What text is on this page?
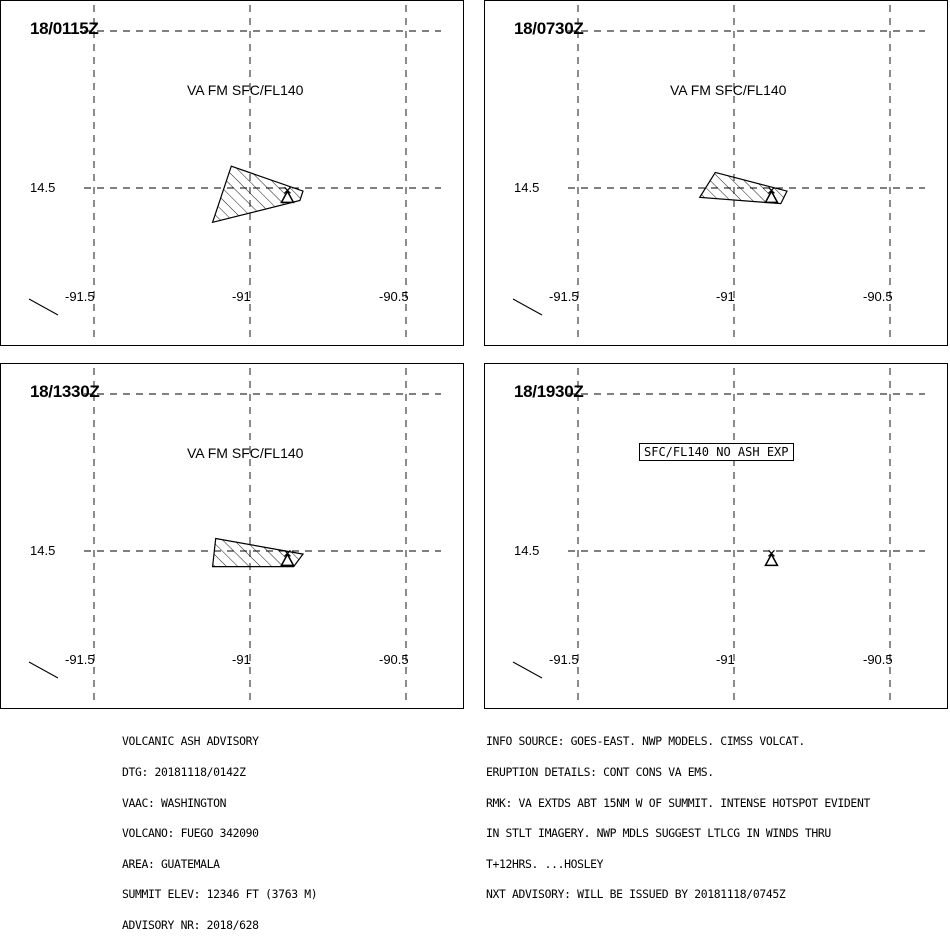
18/0115Z
VA FM SFC/FL140
14.5
-91.5	-91	-90.5
18/0730Z
VA FM SFC/FL140
14.5
-91.5	-91	-90.5
18/1330Z
VA FM SFC/FL140
14.5
-91.5	-91	-90.5
18/1930Z
SFC/FL140 NO ASH EXP
14.5
-91.5	-91	-90.5

VOLCANIC ASH ADVISORY

DTG: 20181118/0142Z

VAAC: WASHINGTON

VOLCANO: FUEGO 342090

AREA: GUATEMALA

SUMMIT ELEV: 12346 FT (3763 M)

ADVISORY NR: 2018/628

INFO SOURCE: GOES-EAST. NWP MODELS. CIMSS VOLCAT.

ERUPTION DETAILS: CONT CONS VA EMS.

RMK: VA EXTDS ABT 15NM W OF SUMMIT. INTENSE HOTSPOT EVIDENT

IN STLT IMAGERY. NWP MDLS SUGGEST LTLCG IN WINDS THRU

T+12HRS. ...HOSLEY

NXT ADVISORY: WILL BE ISSUED BY 20181118/0745Z
